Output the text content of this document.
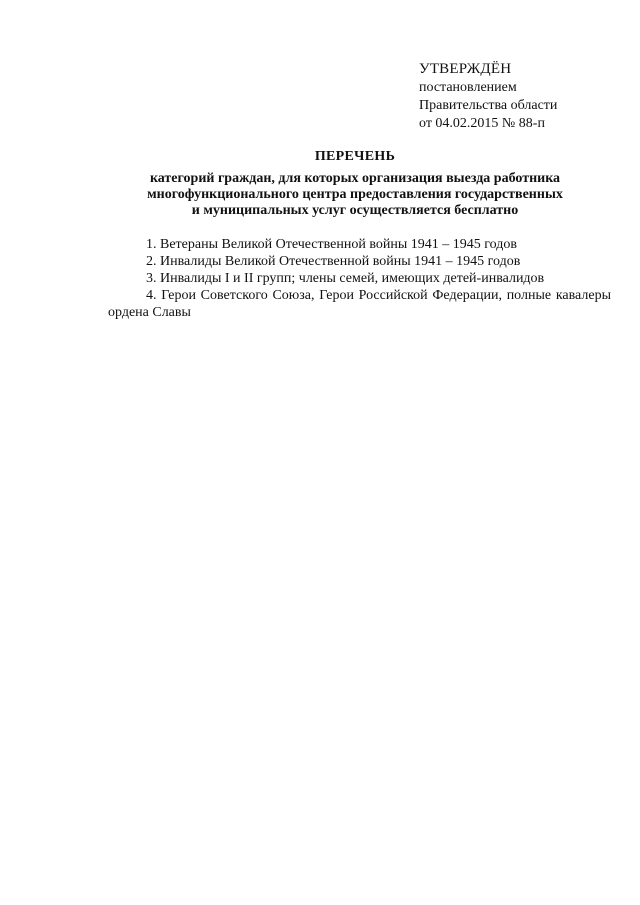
УТВЕРЖДЁН
постановлением
Правительства области
от 04.02.2015 № 88-п
ПЕРЕЧЕНЬ
категорий граждан, для которых организация выезда работника
многофункционального центра предоставления государственных
и муниципальных услуг осуществляется бесплатно
1. Ветераны Великой Отечественной войны 1941 – 1945 годов
2. Инвалиды Великой Отечественной войны 1941 – 1945 годов
3. Инвалиды I и II групп; члены семей, имеющих детей-инвалидов
4. Герои Советского Союза, Герои Российской Федерации, полные кавалеры ордена Славы
